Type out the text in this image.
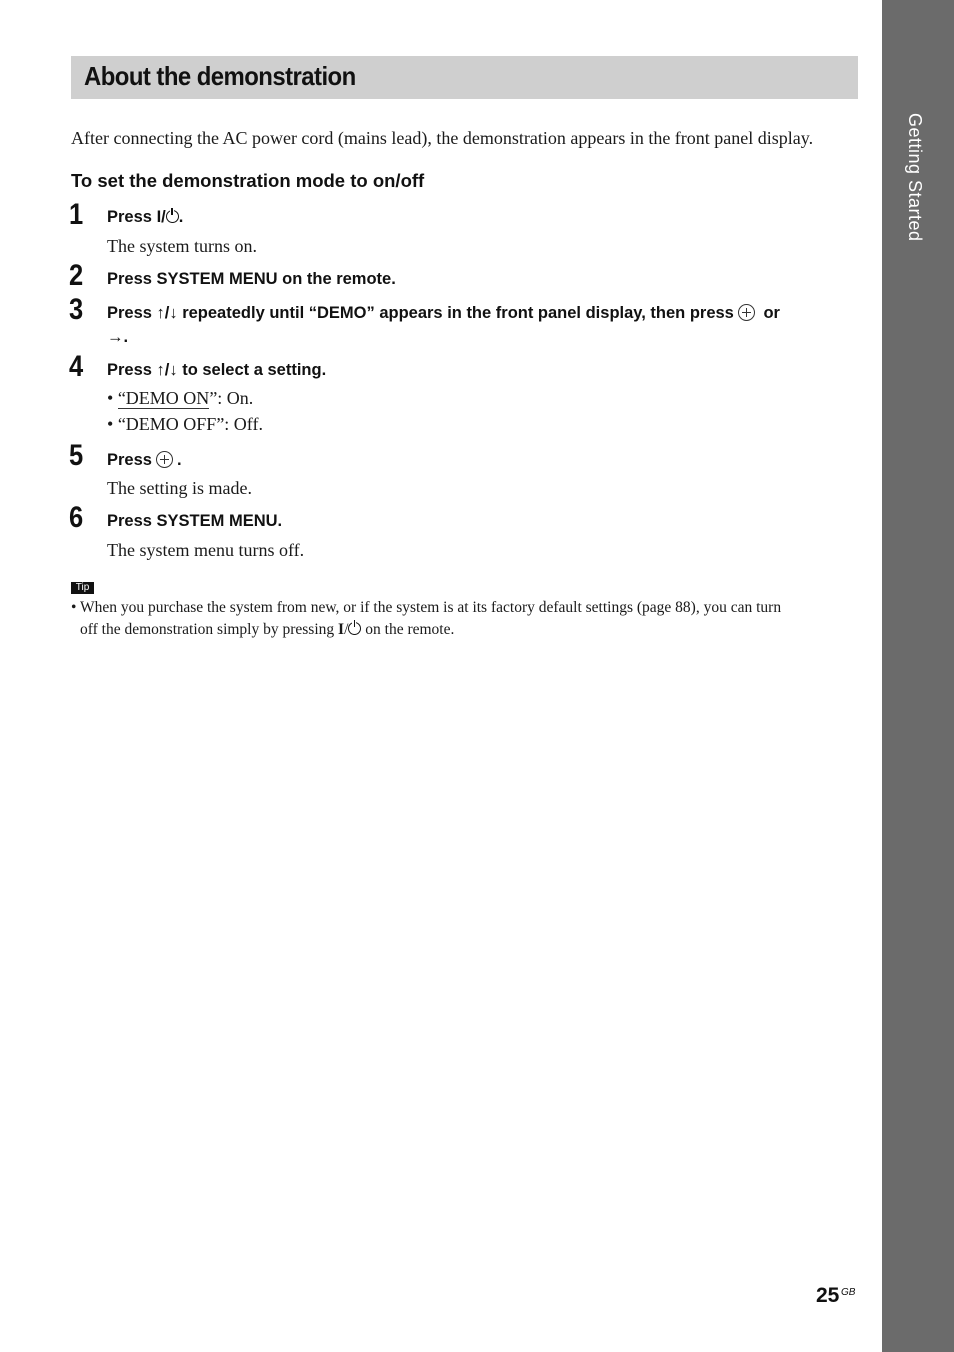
Getting Started
About the demonstration
After connecting the AC power cord (mains lead), the demonstration appears in the front panel display.
To set the demonstration mode to on/off
1 Press I/ .
The system turns on.
2 Press SYSTEM MENU on the remote.
3 Press ↑/↓ repeatedly until “DEMO” appears in the front panel display, then press or
→.
4 Press ↑/↓ to select a setting.
• “DEMO ON”: On.
• “DEMO OFF”: Off.
5 Press .
The setting is made.
6 Press SYSTEM MENU.
The system menu turns off.
Tip
• When you purchase the system from new, or if the system is at its factory default settings (page 88), you can turn
off the demonstration simply by pressing I/ on the remote.
25 GB
